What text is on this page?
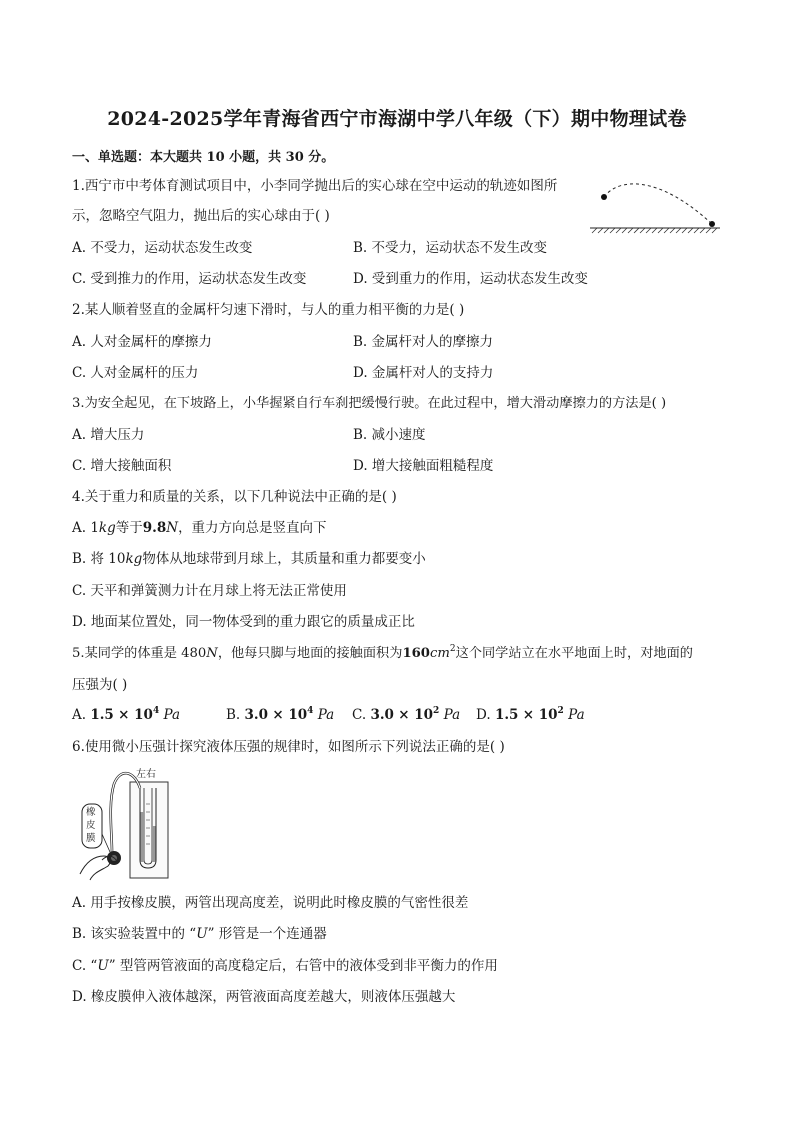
2024-2025学年青海省西宁市海湖中学八年级（下）期中物理试卷
一、单选题：本大题共 10 小题，共 30 分。
1.西宁市中考体育测试项目中，小李同学抛出后的实心球在空中运动的轨迹如图所
示，忽略空气阻力，抛出后的实心球由于( )
A. 不受力，运动状态发生改变	B. 不受力，运动状态不发生改变
C. 受到推力的作用，运动状态发生改变	D. 受到重力的作用，运动状态发生改变
2.某人顺着竖直的金属杆匀速下滑时，与人的重力相平衡的力是( )
A. 人对金属杆的摩擦力	B. 金属杆对人的摩擦力
C. 人对金属杆的压力	D. 金属杆对人的支持力
3.为安全起见，在下坡路上，小华握紧自行车刹把缓慢行驶。在此过程中，增大滑动摩擦力的方法是( )
A. 增大压力	B. 减小速度
C. 增大接触面积	D. 增大接触面粗糙程度
4.关于重力和质量的关系，以下几种说法中正确的是( )
A. 1kg等于9.8N，重力方向总是竖直向下
B. 将 10kg物体从地球带到月球上，其质量和重力都要变小
C. 天平和弹簧测力计在月球上将无法正常使用
D. 地面某位置处，同一物体受到的重力跟它的质量成正比
5.某同学的体重是 480N，他每只脚与地面的接触面积为$160cm^2$这个同学站立在水平地面上时，对地面的
压强为( )
A. $1.5 \times 10^4$ Pa	B. $3.0 \times 10^4$ Pa C. $3.0 \times 10^2$ Pa D. $1.5 \times 10^2$ Pa
6.使用微小压强计探究液体压强的规律时，如图所示下列说法正确的是( )
左右
橡
皮
膜
A. 用手按橡皮膜，两管出现高度差，说明此时橡皮膜的气密性很差
B. 该实验装置中的 “U” 形管是一个连通器
C. “U” 型管两管液面的高度稳定后，右管中的液体受到非平衡力的作用
D. 橡皮膜伸入液体越深，两管液面高度差越大，则液体压强越大
